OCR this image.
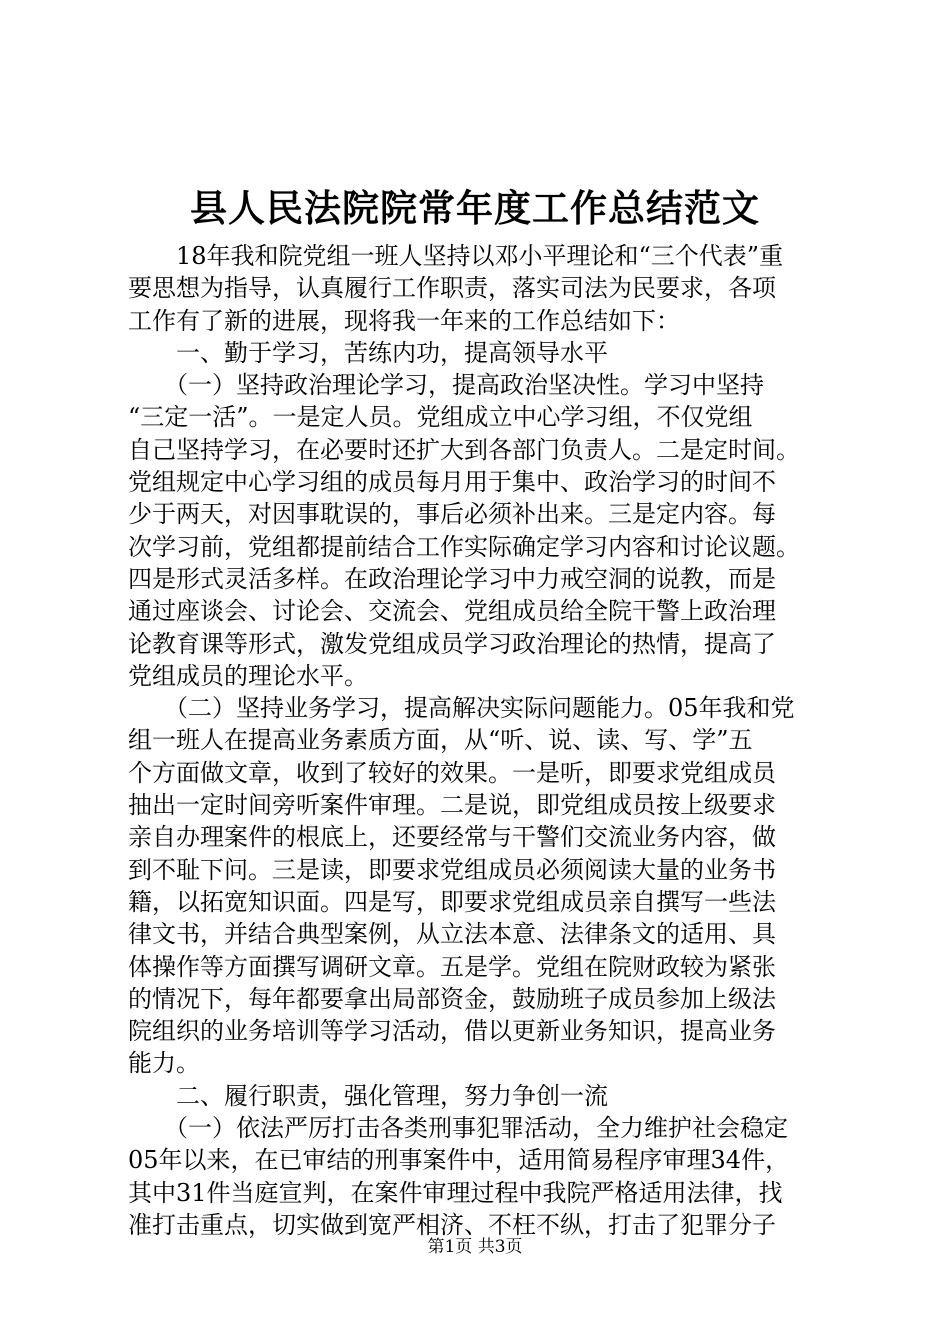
县人民法院院常年度工作总结范文
　　18年我和院党组一班人坚持以邓小平理论和“三个代表”重
要思想为指导，认真履行工作职责，落实司法为民要求，各项
工作有了新的进展，现将我一年来的工作总结如下：
　　一、勤于学习，苦练内功，提高领导水平
　　（一）坚持政治理论学习，提高政治坚决性。学习中坚持
“三定一活”。一是定人员。党组成立中心学习组，不仅党组
自己坚持学习，在必要时还扩大到各部门负责人。二是定时间。
党组规定中心学习组的成员每月用于集中、政治学习的时间不
少于两天，对因事耽误的，事后必须补出来。三是定内容。每
次学习前，党组都提前结合工作实际确定学习内容和讨论议题。
四是形式灵活多样。在政治理论学习中力戒空洞的说教，而是
通过座谈会、讨论会、交流会、党组成员给全院干警上政治理
论教育课等形式，激发党组成员学习政治理论的热情，提高了
党组成员的理论水平。
　　（二）坚持业务学习，提高解决实际问题能力。05年我和党
组一班人在提高业务素质方面，从“听、说、读、写、学”五
个方面做文章，收到了较好的效果。一是听，即要求党组成员
抽出一定时间旁听案件审理。二是说，即党组成员按上级要求
亲自办理案件的根底上，还要经常与干警们交流业务内容，做
到不耻下问。三是读，即要求党组成员必须阅读大量的业务书
籍，以拓宽知识面。四是写，即要求党组成员亲自撰写一些法
律文书，并结合典型案例，从立法本意、法律条文的适用、具
体操作等方面撰写调研文章。五是学。党组在院财政较为紧张
的情况下，每年都要拿出局部资金，鼓励班子成员参加上级法
院组织的业务培训等学习活动，借以更新业务知识，提高业务
能力。
　　二、履行职责，强化管理，努力争创一流
　　（一）依法严厉打击各类刑事犯罪活动，全力维护社会稳定
05年以来，在已审结的刑事案件中，适用简易程序审理34件，
其中31件当庭宣判，在案件审理过程中我院严格适用法律，找
准打击重点，切实做到宽严相济、不枉不纵，打击了犯罪分子
第1页 共3页
